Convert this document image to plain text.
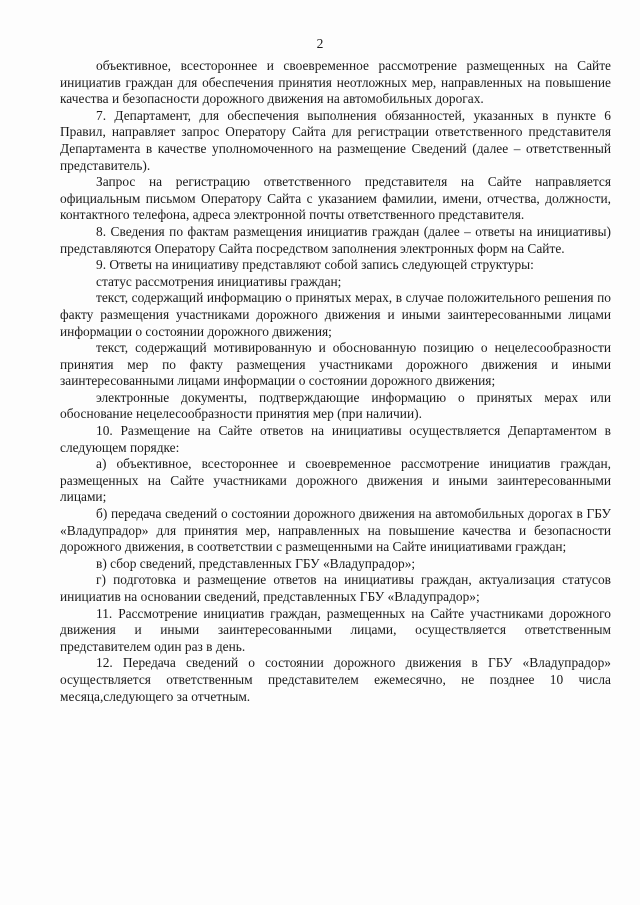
2

объективное, всестороннее и своевременное рассмотрение размещенных на Сайте инициатив граждан для обеспечения принятия неотложных мер, направленных на повышение качества и безопасности дорожного движения на автомобильных дорогах.

7. Департамент, для обеспечения выполнения обязанностей, указанных в пункте 6 Правил, направляет запрос Оператору Сайта для регистрации ответственного представителя Департамента в качестве уполномоченного на размещение Сведений (далее – ответственный представитель).

Запрос на регистрацию ответственного представителя на Сайте направляется официальным письмом Оператору Сайта с указанием фамилии, имени, отчества, должности, контактного телефона, адреса электронной почты ответственного представителя.

8. Сведения по фактам размещения инициатив граждан (далее – ответы на инициативы) представляются Оператору Сайта посредством заполнения электронных форм на Сайте.

9. Ответы на инициативу представляют собой запись следующей структуры:

статус рассмотрения инициативы граждан;

текст, содержащий информацию о принятых мерах, в случае положительного решения по факту размещения участниками дорожного движения и иными заинтересованными лицами информации о состоянии дорожного движения;

текст, содержащий мотивированную и обоснованную позицию о нецелесообразности принятия мер по факту размещения участниками дорожного движения и иными заинтересованными лицами информации о состоянии дорожного движения;

электронные документы, подтверждающие информацию о принятых мерах или обоснование нецелесообразности принятия мер (при наличии).

10. Размещение на Сайте ответов на инициативы осуществляется Департаментом в следующем порядке:

а) объективное, всестороннее и своевременное рассмотрение инициатив граждан, размещенных на Сайте участниками дорожного движения и иными заинтересованными лицами;

б) передача сведений о состоянии дорожного движения на автомобильных дорогах в ГБУ «Владупрадор» для принятия мер, направленных на повышение качества и безопасности дорожного движения, в соответствии с размещенными на Сайте инициативами граждан;

в) сбор сведений, представленных ГБУ «Владупрадор»;

г) подготовка и размещение ответов на инициативы граждан, актуализация статусов инициатив на основании сведений, представленных ГБУ «Владупрадор»;

11. Рассмотрение инициатив граждан, размещенных на Сайте участниками дорожного движения и иными заинтересованными лицами, осуществляется ответственным представителем один раз в день.

12. Передача сведений о состоянии дорожного движения в ГБУ «Владупрадор» осуществляется ответственным представителем ежемесячно, не позднее 10 числа месяца,следующего за отчетным.
